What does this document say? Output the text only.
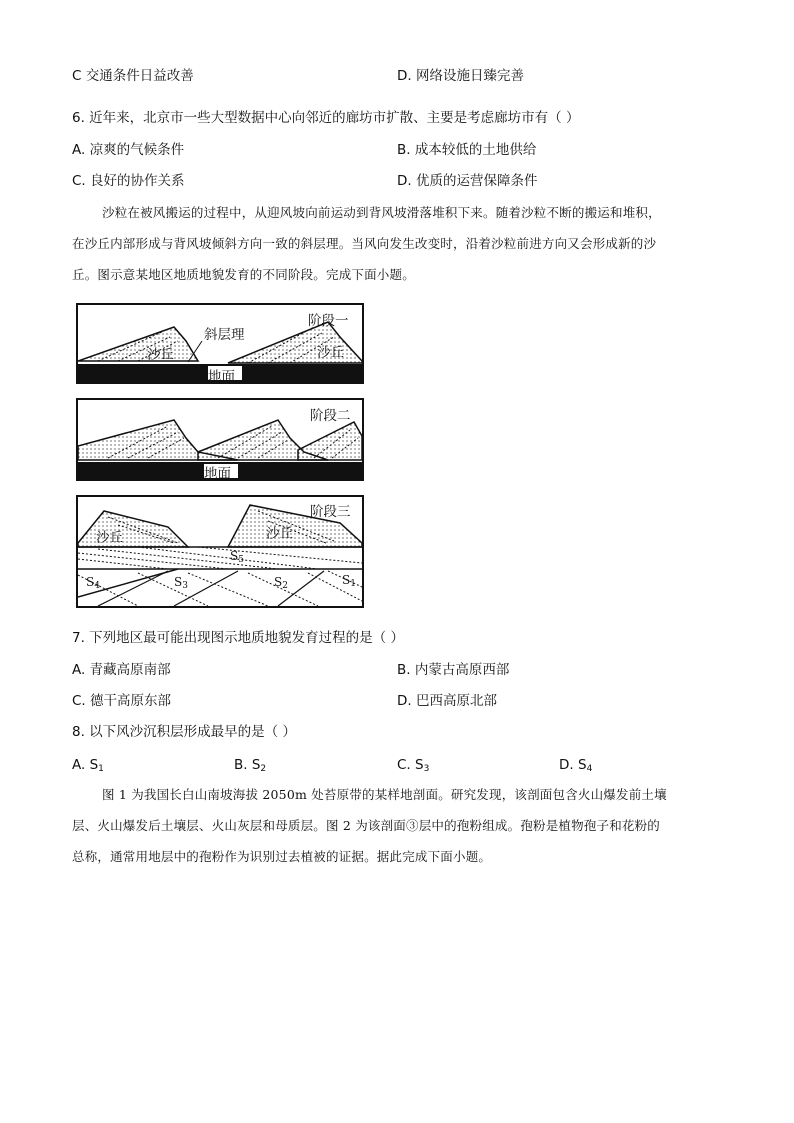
C 交通条件日益改善	D. 网络设施日臻完善
6. 近年来，北京市一些大型数据中心向邻近的廊坊市扩散、主要是考虑廊坊市有（ ）
A. 凉爽的气候条件	B. 成本较低的土地供给
C. 良好的协作关系	D. 优质的运营保障条件
沙粒在被风搬运的过程中，从迎风坡向前运动到背风坡滑落堆积下来。随着沙粒不断的搬运和堆积，
在沙丘内部形成与背风坡倾斜方向一致的斜层理。当风向发生改变时，沿着沙粒前进方向又会形成新的沙
丘。图示意某地区地质地貌发育的不同阶段。完成下面小题。
阶段一
斜层理
沙丘	沙丘
地面
阶段二
地面
阶段三
沙丘	沙丘
$S_5$
$S_4$	$S_3$	$S_2$	$S_1$
7. 下列地区最可能出现图示地质地貌发育过程的是（ ）
A. 青藏高原南部	B. 内蒙古高原西部
C. 德干高原东部	D. 巴西高原北部
8. 以下风沙沉积层形成最早的是（ ）
A. $S_1$	B. $S_2$	C. $S_3$	D. $S_4$
图 1 为我国长白山南坡海拔 2050m 处苔原带的某样地剖面。研究发现，该剖面包含火山爆发前土壤
层、火山爆发后土壤层、火山灰层和母质层。图 2 为该剖面③层中的孢粉组成。孢粉是植物孢子和花粉的
总称，通常用地层中的孢粉作为识别过去植被的证据。据此完成下面小题。
